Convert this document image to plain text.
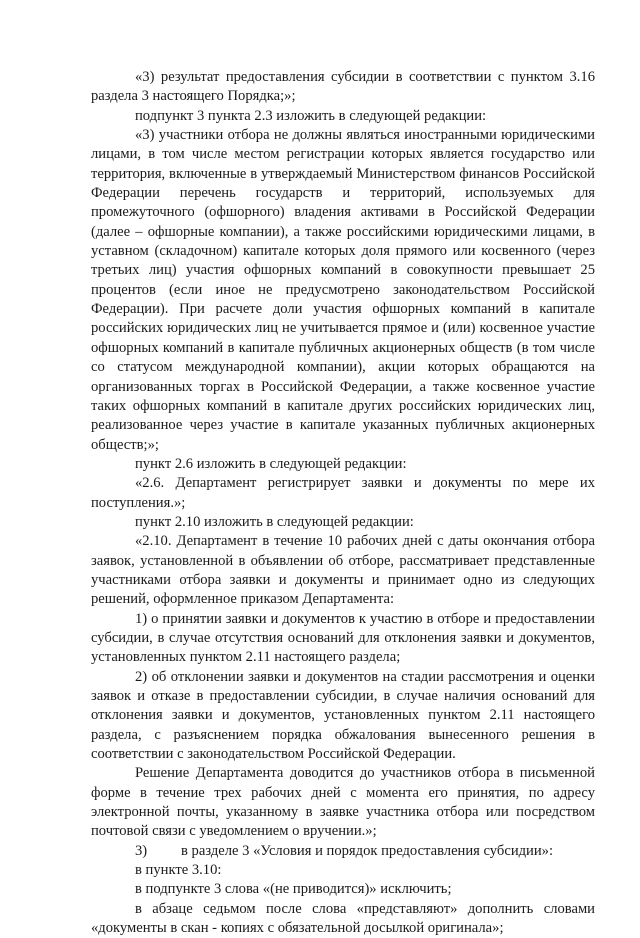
«3) результат предоставления субсидии в соответствии с пунктом 3.16 раздела 3 настоящего Порядка;»;

подпункт 3 пункта 2.3 изложить в следующей редакции:

«3) участники отбора не должны являться иностранными юридическими лицами, в том числе местом регистрации которых является государство или территория, включенные в утверждаемый Министерством финансов Российской Федерации перечень государств и территорий, используемых для промежуточного (офшорного) владения активами в Российской Федерации (далее – офшорные компании), а также российскими юридическими лицами, в уставном (складочном) капитале которых доля прямого или косвенного (через третьих лиц) участия офшорных компаний в совокупности превышает 25 процентов (если иное не предусмотрено законодательством Российской Федерации). При расчете доли участия офшорных компаний в капитале российских юридических лиц не учитывается прямое и (или) косвенное участие офшорных компаний в капитале публичных акционерных обществ (в том числе со статусом международной компании), акции которых обращаются на организованных торгах в Российской Федерации, а также косвенное участие таких офшорных компаний в капитале других российских юридических лиц, реализованное через участие в капитале указанных публичных акционерных обществ;»;

пункт 2.6 изложить в следующей редакции:

«2.6. Департамент регистрирует заявки и документы по мере их поступления.»;

пункт 2.10 изложить в следующей редакции:

«2.10. Департамент в течение 10 рабочих дней с даты окончания отбора заявок, установленной в объявлении об отборе, рассматривает представленные участниками отбора заявки и документы и принимает одно из следующих решений, оформленное приказом Департамента:

1) о принятии заявки и документов к участию в отборе и предоставлении субсидии, в случае отсутствия оснований для отклонения заявки и документов, установленных пунктом 2.11 настоящего раздела;

2) об отклонении заявки и документов на стадии рассмотрения и оценки заявок и отказе в предоставлении субсидии, в случае наличия оснований для отклонения заявки и документов, установленных пунктом 2.11 настоящего раздела, с разъяснением порядка обжалования вынесенного решения в соответствии с законодательством Российской Федерации.

Решение Департамента доводится до участников отбора в письменной форме в течение трех рабочих дней с момента его принятия, по адресу электронной почты, указанному в заявке участника отбора или посредством почтовой связи с уведомлением о вручении.»;

3) в разделе 3 «Условия и порядок предоставления субсидии»:

в пункте 3.10:

в подпункте 3 слова «(не приводится)» исключить;

в абзаце седьмом после слова «представляют» дополнить словами «документы в скан - копиях с обязательной досылкой оригинала»;
